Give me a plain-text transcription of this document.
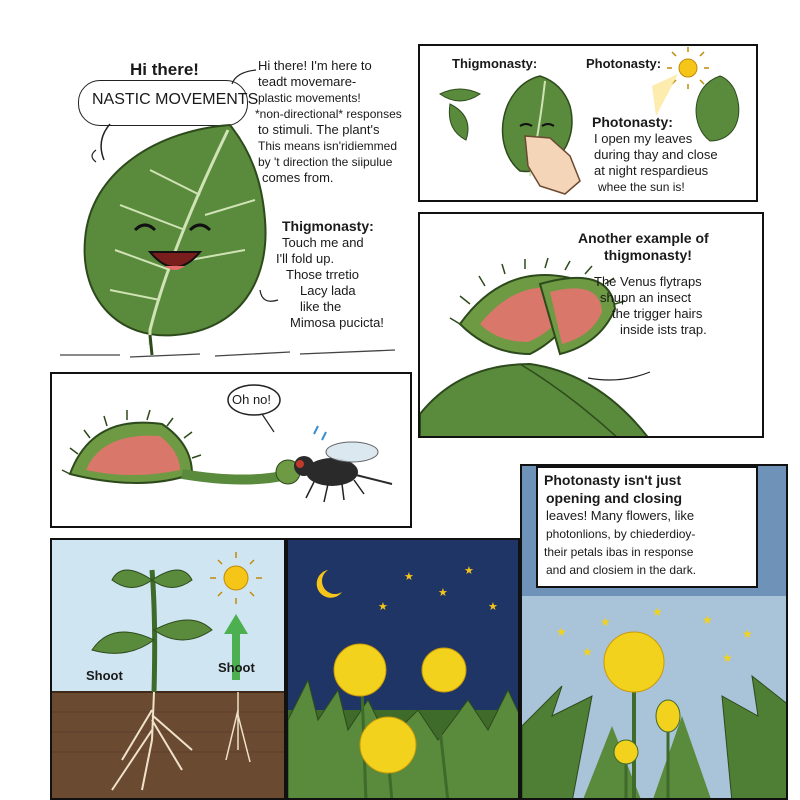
Hi there!
NASTIC MOVEMENTS
Hi there! I'm here to
teadt movemare-
plastic movements!
*non-directional* responses
to stimuli. The plant's
This means isn'ridiemmed
by 't direction the siipulue
comes from.
Thigmonasty:
Touch me and
I'll fold up.
Those trretio
Lacy lada
like the
Mimosa pucicta!
Thigmonasty:	Photonasty:
Photonasty:
I open my leaves
during thay and close
at night respardieus
whee the sun is!
Another example of
thigmonasty!
The Venus flytraps
shupn an insect
the trigger hairs
inside ists trap.
Oh no!
★
★
★
★
★
★	★
Photonasty isn't just
opening and closing
leaves! Many flowers, like
photonlions, by chiederdioy-
their petals ibas in response
and and closiem in the dark.
Shoot
Shoot
★
★
★
★
★
